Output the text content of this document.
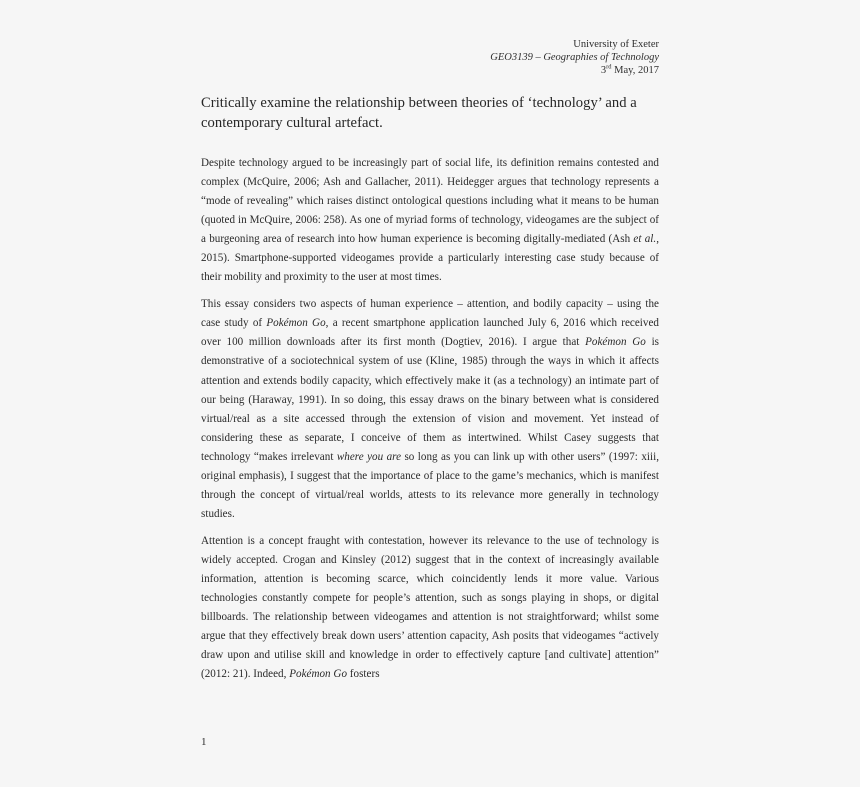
University of Exeter
GEO3139 – Geographies of Technology
3rd May, 2017
Critically examine the relationship between theories of ‘technology’ and a contemporary cultural artefact.

Despite technology argued to be increasingly part of social life, its definition remains contested and complex (McQuire, 2006; Ash and Gallacher, 2011). Heidegger argues that technology represents a “mode of revealing” which raises distinct ontological questions including what it means to be human (quoted in McQuire, 2006: 258). As one of myriad forms of technology, videogames are the subject of a burgeoning area of research into how human experience is becoming digitally-mediated (Ash et al., 2015). Smartphone-supported videogames provide a particularly interesting case study because of their mobility and proximity to the user at most times.

This essay considers two aspects of human experience – attention, and bodily capacity – using the case study of Pokémon Go, a recent smartphone application launched July 6, 2016 which received over 100 million downloads after its first month (Dogtiev, 2016). I argue that Pokémon Go is demonstrative of a sociotechnical system of use (Kline, 1985) through the ways in which it affects attention and extends bodily capacity, which effectively make it (as a technology) an intimate part of our being (Haraway, 1991). In so doing, this essay draws on the binary between what is considered virtual/real as a site accessed through the extension of vision and movement. Yet instead of considering these as separate, I conceive of them as intertwined. Whilst Casey suggests that technology “makes irrelevant where you are so long as you can link up with other users” (1997: xiii, original emphasis), I suggest that the importance of place to the game’s mechanics, which is manifest through the concept of virtual/real worlds, attests to its relevance more generally in technology studies.

Attention is a concept fraught with contestation, however its relevance to the use of technology is widely accepted. Crogan and Kinsley (2012) suggest that in the context of increasingly available information, attention is becoming scarce, which coincidently lends it more value. Various technologies constantly compete for people’s attention, such as songs playing in shops, or digital billboards. The relationship between videogames and attention is not straightforward; whilst some argue that they effectively break down users’ attention capacity, Ash posits that videogames “actively draw upon and utilise skill and knowledge in order to effectively capture [and cultivate] attention” (2012: 21). Indeed, Pokémon Go fosters

1
